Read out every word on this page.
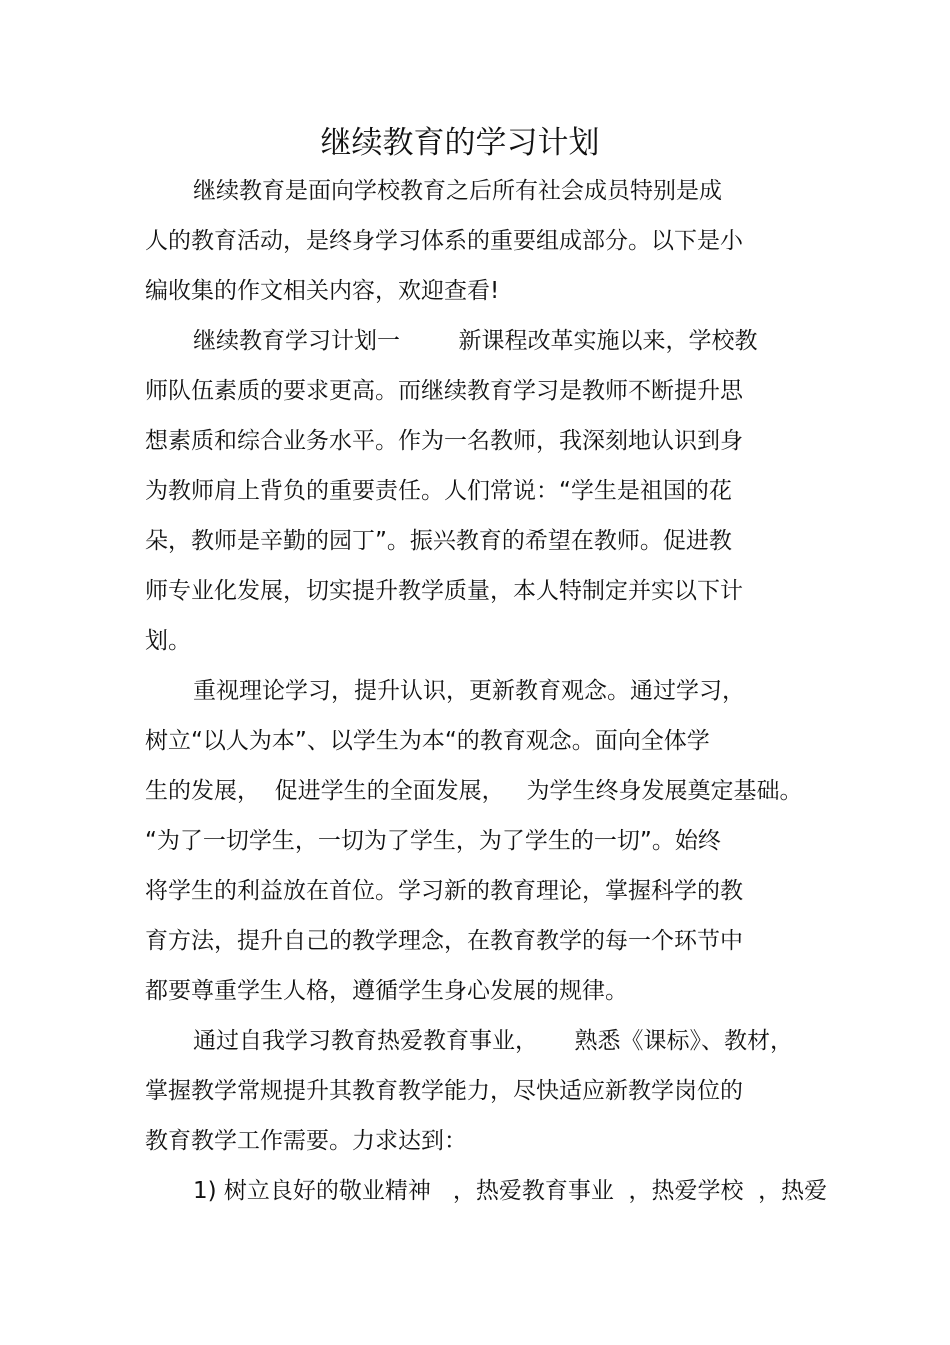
继续教育的学习计划

继续教育是面向学校教育之后所有社会成员特别是成

人的教育活动，是终身学习体系的重要组成部分。以下是小

编收集的作文相关内容，欢迎查看!

继续教育学习计划一        新课程改革实施以来，学校教

师队伍素质的要求更高。而继续教育学习是教师不断提升思

想素质和综合业务水平。作为一名教师，我深刻地认识到身

为教师肩上背负的重要责任。人们常说：“学生是祖国的花

朵，教师是辛勤的园丁”。振兴教育的希望在教师。促进教

师专业化发展，切实提升教学质量，本人特制定并实以下计

划。

重视理论学习，提升认识，更新教育观念。通过学习，

树立“以人为本”、以学生为本“的教育观念。面向全体学

生的发展，  促进学生的全面发展，   为学生终身发展奠定基础。

“为了一切学生，一切为了学生，为了学生的一切”。始终

将学生的利益放在首位。学习新的教育理论，掌握科学的教

育方法，提升自己的教学理念，在教育教学的每一个环节中

都要尊重学生人格，遵循学生身心发展的规律。

通过自我学习教育热爱教育事业，     熟悉《课标》、教材，

掌握教学常规提升其教育教学能力，尽快适应新教学岗位的

教育教学工作需要。力求达到：

1) 树立良好的敬业精神   ，热爱教育事业  ，热爱学校  ，热爱
